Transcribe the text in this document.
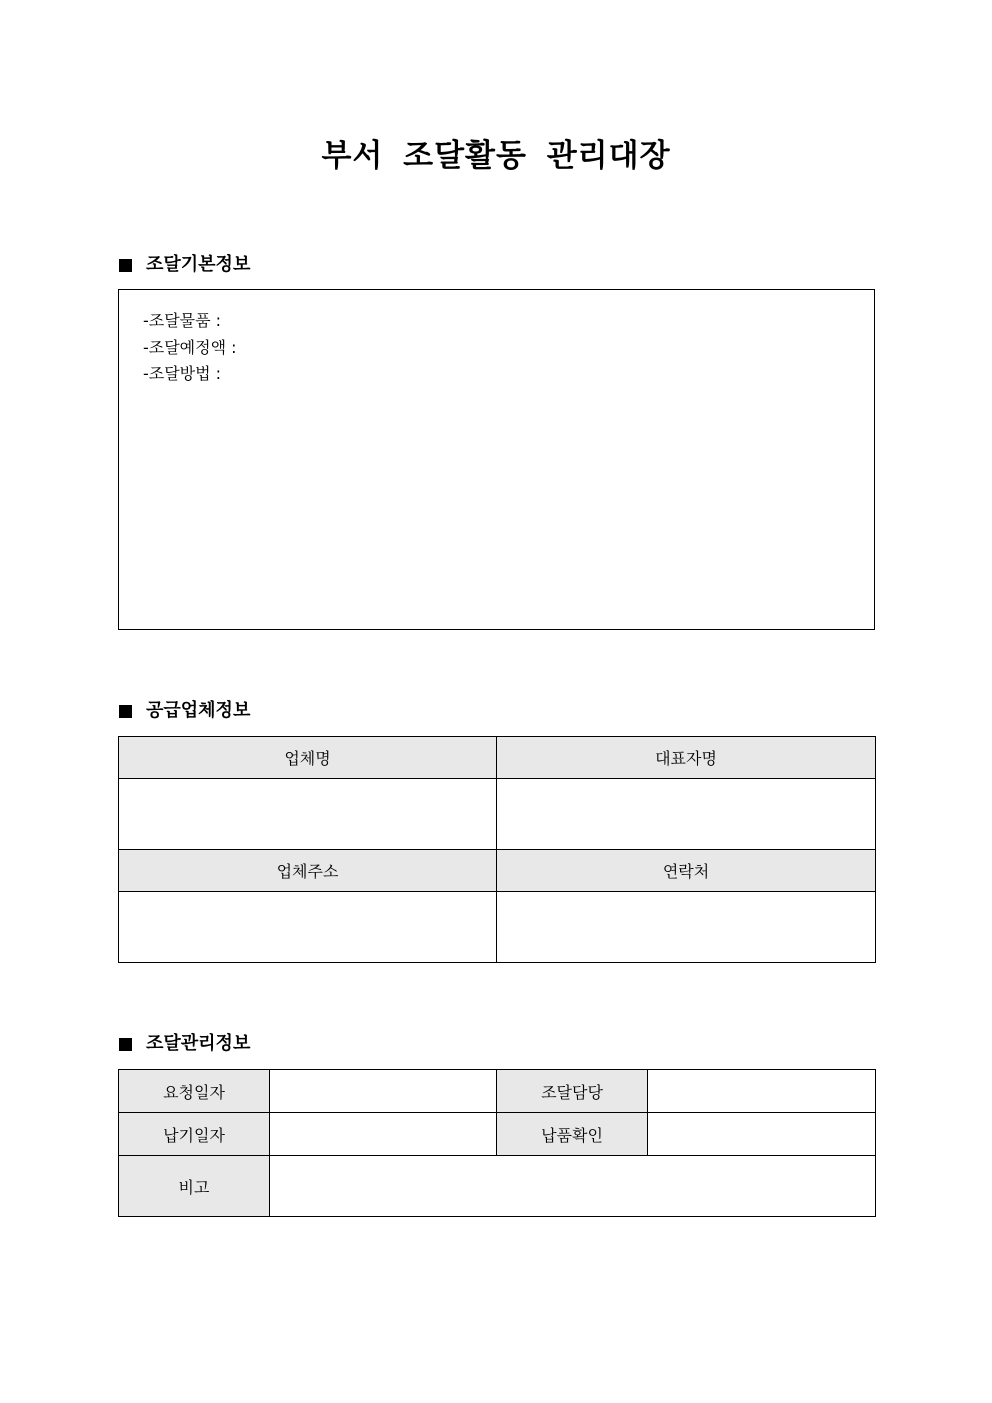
부서 조달활동 관리대장
조달기본정보
-조달물품 :
-조달예정액 :
-조달방법 :
공급업체정보
업체명	대표자명

업체주소	연락처

조달관리정보
요청일자		조달담당	
납기일자		납품확인	
비고			
